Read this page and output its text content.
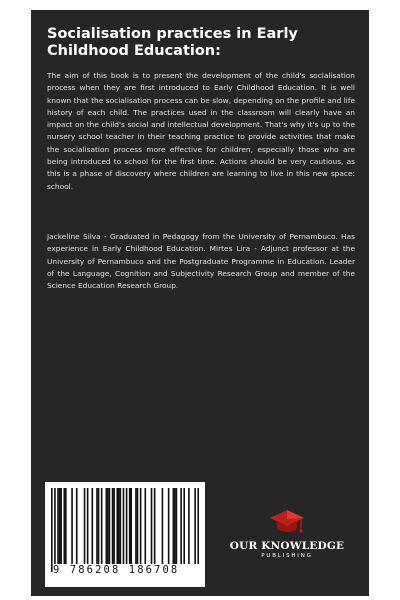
Socialisation practices in Early Childhood Education:

The aim of this book is to present the development of the child's socialisation process when they are first introduced to Early Childhood Education. It is well known that the socialisation process can be slow, depending on the profile and life history of each child. The practices used in the classroom will clearly have an impact on the child's social and intellectual development. That's why it's up to the nursery school teacher in their teaching practice to provide activities that make the socialisation process more effective for children, especially those who are being introduced to school for the first time. Actions should be very cautious, as this is a phase of discovery where children are learning to live in this new space: school.

Jackeline Silva - Graduated in Pedagogy from the University of Pernambuco. Has experience in Early Childhood Education. Mirtes Lira - Adjunct professor at the University of Pernambuco and the Postgraduate Programme in Education. Leader of the Language, Cognition and Subjectivity Research Group and member of the Science Education Research Group.

9 786208 186708
OUR KNOWLEDGE
PUBLISHING
